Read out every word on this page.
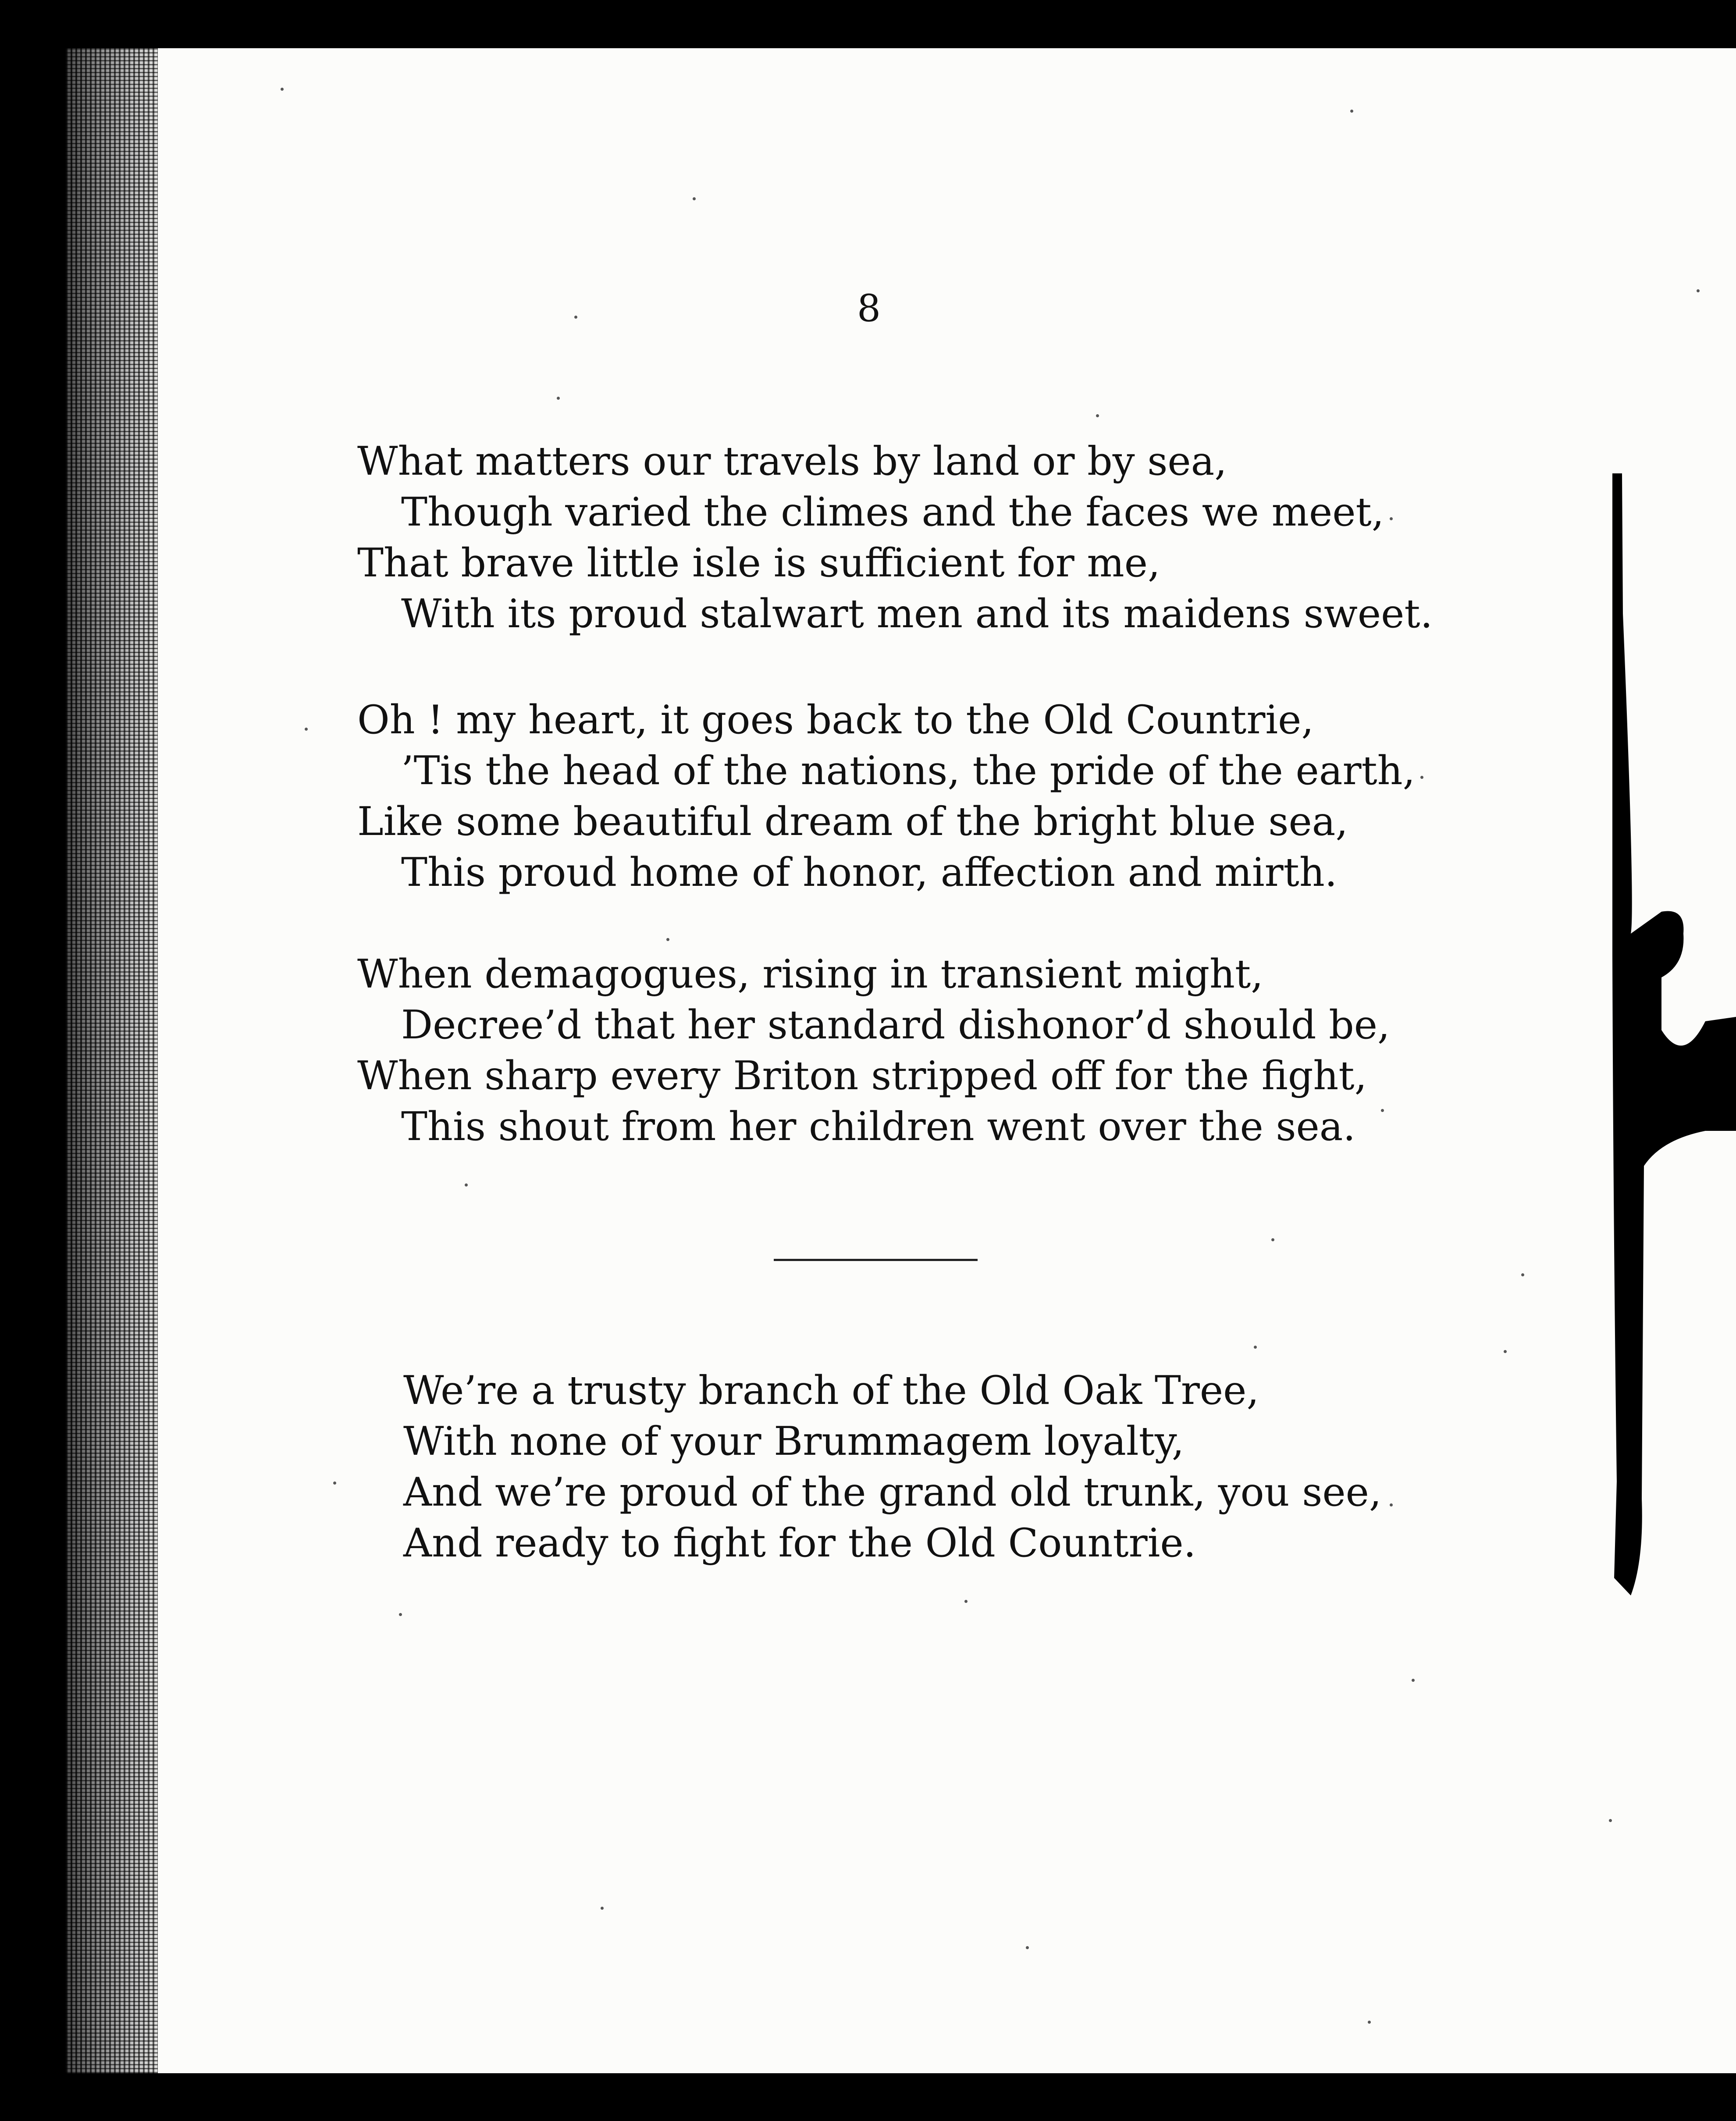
8
What matters our travels by land or by sea,
Though varied the climes and the faces we meet,
That brave little isle is sufficient for me,
With its proud stalwart men and its maidens sweet.
Oh ! my heart, it goes back to the Old Countrie,
’Tis the head of the nations, the pride of the earth,
Like some beautiful dream of the bright blue sea,
This proud home of honor, affection and mirth.
When demagogues, rising in transient might,
Decree’d that her standard dishonor’d should be,
When sharp every Briton stripped off for the fight,
This shout from her children went over the sea.
We’re a trusty branch of the Old Oak Tree,
With none of your Brummagem loyalty,
And we’re proud of the grand old trunk, you see,
And ready to fight for the Old Countrie.
